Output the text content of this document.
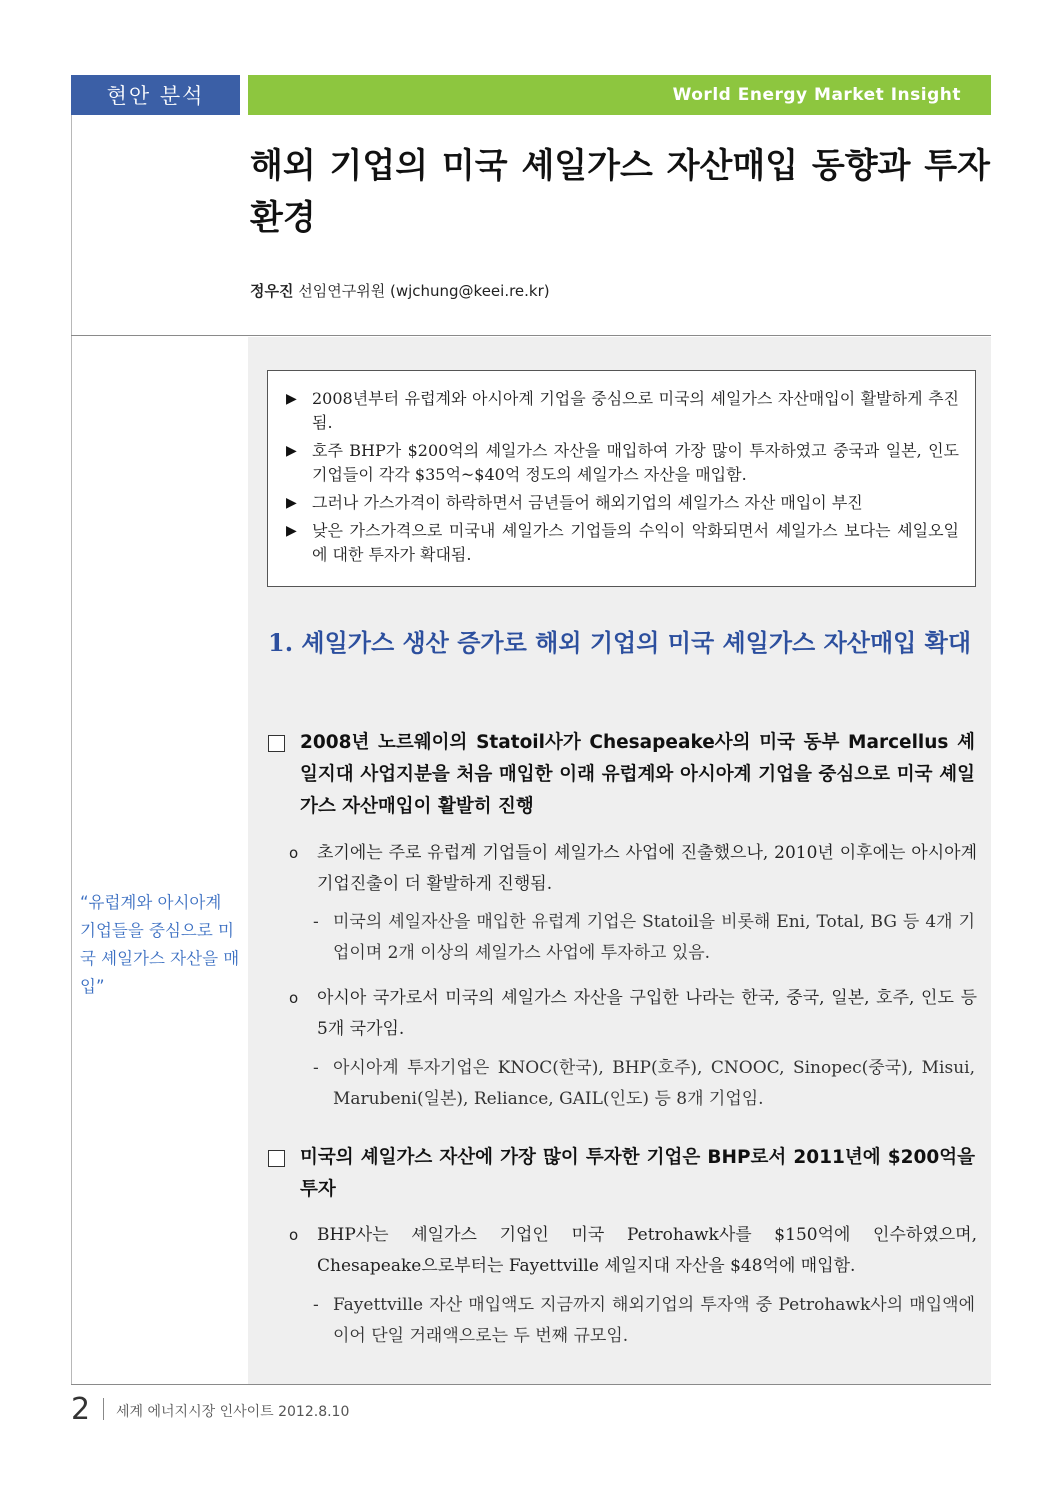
현안 분석	World Energy Market Insight
해외 기업의 미국 셰일가스 자산매입 동향과 투자 환경
정우진 선임연구위원 (wjchung@keei.re.kr)
▶ 2008년부터 유럽계와 아시아계 기업을 중심으로 미국의 셰일가스 자산매입이 활발하게 추진됨.
▶ 호주 BHP가 $200억의 셰일가스 자산을 매입하여 가장 많이 투자하였고 중국과 일본, 인도 기업들이 각각 $35억~$40억 정도의 셰일가스 자산을 매입함.
▶ 그러나 가스가격이 하락하면서 금년들어 해외기업의 셰일가스 자산 매입이 부진
▶ 낮은 가스가격으로 미국내 셰일가스 기업들의 수익이 악화되면서 셰일가스 보다는 셰일오일에 대한 투자가 확대됨.
1. 셰일가스 생산 증가로 해외 기업의 미국 셰일가스 자산매입 확대
2008년 노르웨이의 Statoil사가 Chesapeake사의 미국 동부 Marcellus 셰일지대 사업지분을 처음 매입한 이래 유럽계와 아시아계 기업을 중심으로 미국 셰일가스 자산매입이 활발히 진행
o 초기에는 주로 유럽계 기업들이 셰일가스 사업에 진출했으나, 2010년 이후에는 아시아계 기업진출이 더 활발하게 진행됨.
- 미국의 셰일자산을 매입한 유럽계 기업은 Statoil을 비롯해 Eni, Total, BG 등 4개 기업이며 2개 이상의 셰일가스 사업에 투자하고 있음.
o 아시아 국가로서 미국의 셰일가스 자산을 구입한 나라는 한국, 중국, 일본, 호주, 인도 등 5개 국가임.
- 아시아계 투자기업은 KNOC(한국), BHP(호주), CNOOC, Sinopec(중국), Misui, Marubeni(일본), Reliance, GAIL(인도) 등 8개 기업임.
미국의 셰일가스 자산에 가장 많이 투자한 기업은 BHP로서 2011년에 $200억을 투자
o BHP사는 셰일가스 기업인 미국 Petrohawk사를 $150억에 인수하였으며, Chesapeake으로부터는 Fayettville 셰일지대 자산을 $48억에 매입함.
- Fayettville 자산 매입액도 지금까지 해외기업의 투자액 중 Petrohawk사의 매입액에 이어 단일 거래액으로는 두 번째 규모임.
“유럽계와 아시아계 기업들을 중심으로 미국 셰일가스 자산을 매입”
2 세계 에너지시장 인사이트 2012.8.10
